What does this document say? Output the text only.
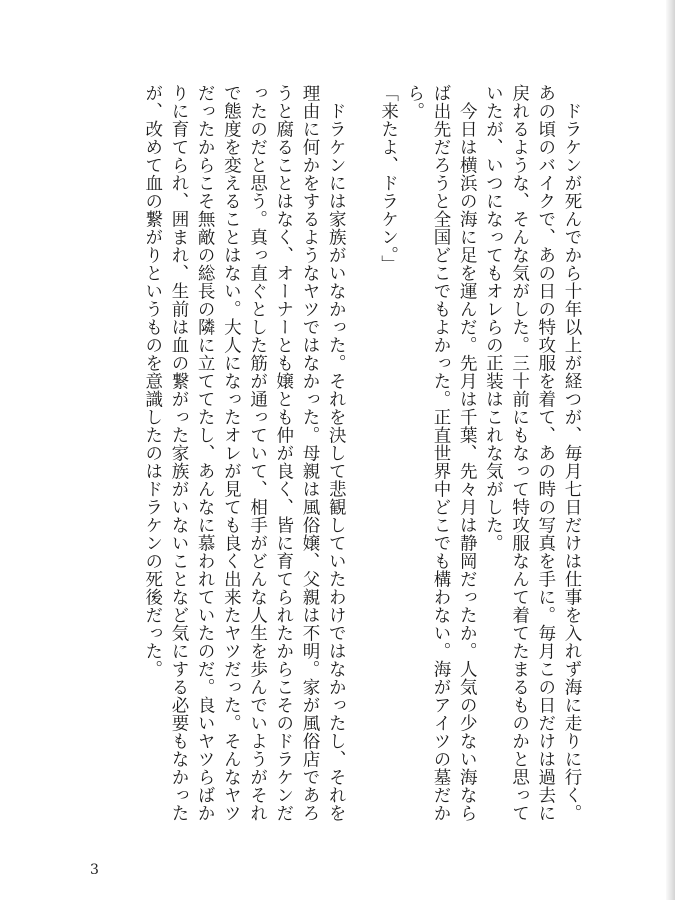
ドラケンが死んでから十年以上が経つが、毎月七日だけは仕事を入れず海に走りに行く。あの頃のバイクで、あの日の特攻服を着て、あの時の写真を手に。毎月この日だけは過去に戻れるような、そんな気がした。三十前にもなって特攻服なんて着てたまるものかと思っていたが、いつになってもオレらの正装はこれな気がした。

今日は横浜の海に足を運んだ。先月は千葉、先々月は静岡だったか。人気の少ない海ならば出先だろうと全国どこでもよかった。正直世界中どこでも構わない。海がアイツの墓だから。

「来たよ、ドラケン。」

ドラケンには家族がいなかった。それを決して悲観していたわけではなかったし、それを理由に何かをするようなヤツではなかった。母親は風俗嬢、父親は不明。家が風俗店であろうと腐ることはなく、オーナーとも嬢とも仲が良く、皆に育てられたからこそのドラケンだったのだと思う。真っ直ぐとした筋が通っていて、相手がどんな人生を歩んでいようがそれで態度を変えることはない。大人になったオレが見ても良く出来たヤツだった。そんなヤツだったからこそ無敵の総長の隣に立ててたし、あんなに慕われていたのだ。良いヤツらばかりに育てられ、囲まれ、生前は血の繋がった家族がいないことなど気にする必要もなかったが、改めて血の繋がりというものを意識したのはドラケンの死後だった。

3
